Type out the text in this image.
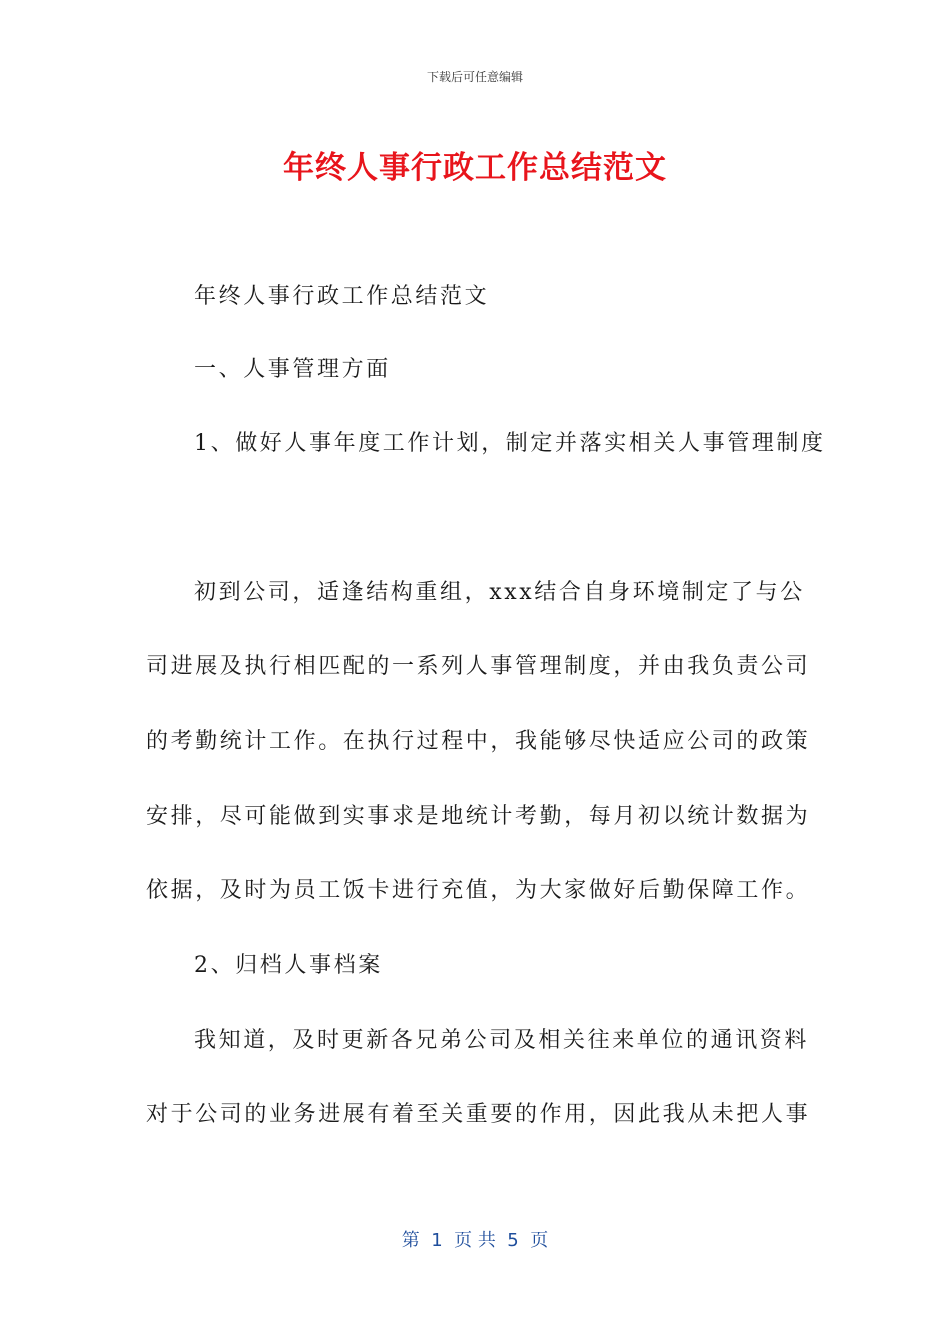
下载后可任意编辑
年终人事行政工作总结范文
年终人事行政工作总结范文
一、人事管理方面
1、做好人事年度工作计划，制定并落实相关人事管理制度
初到公司，适逢结构重组，xxx结合自身环境制定了与公
司进展及执行相匹配的一系列人事管理制度，并由我负责公司
的考勤统计工作。在执行过程中，我能够尽快适应公司的政策
安排，尽可能做到实事求是地统计考勤，每月初以统计数据为
依据，及时为员工饭卡进行充值，为大家做好后勤保障工作。
2、归档人事档案
我知道，及时更新各兄弟公司及相关往来单位的通讯资料
对于公司的业务进展有着至关重要的作用，因此我从未把人事
第  1  页 共  5  页
